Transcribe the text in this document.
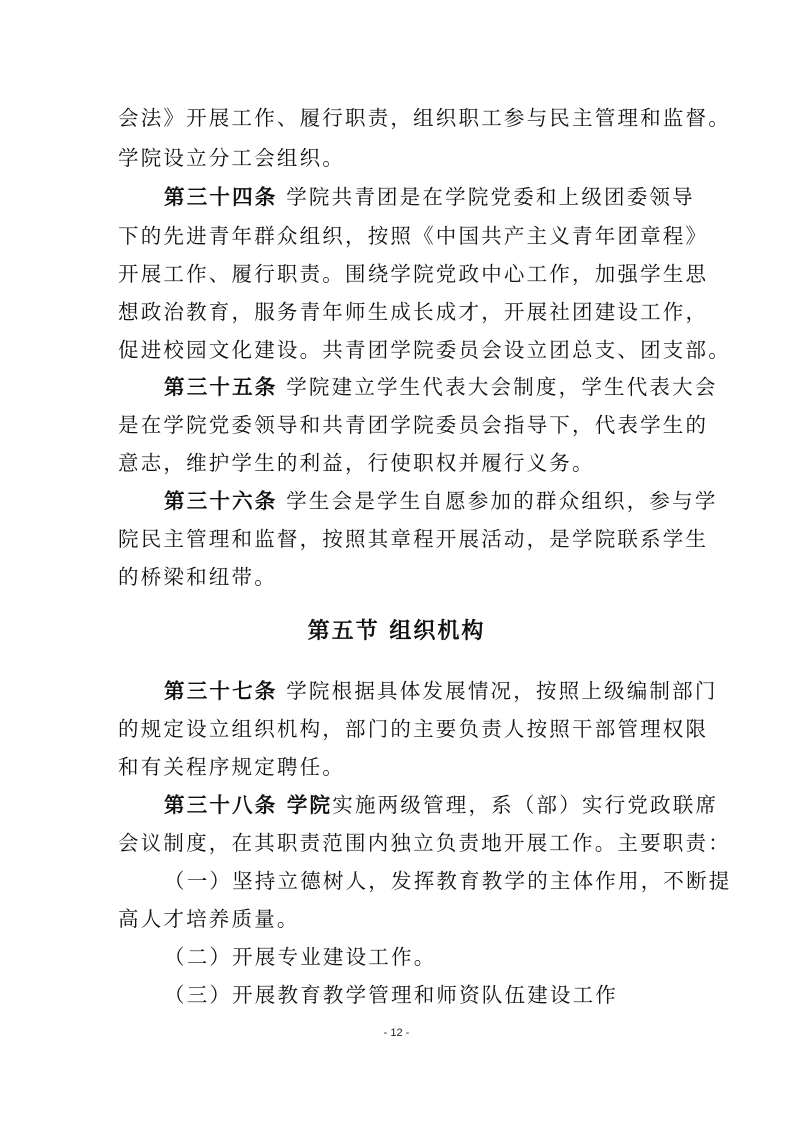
会法》开展工作、履行职责，组织职工参与民主管理和监督。
学院设立分工会组织。
第三十四条 学院共青团是在学院党委和上级团委领导
下的先进青年群众组织，按照《中国共产主义青年团章程》
开展工作、履行职责。围绕学院党政中心工作，加强学生思
想政治教育，服务青年师生成长成才，开展社团建设工作，
促进校园文化建设。共青团学院委员会设立团总支、团支部。
第三十五条 学院建立学生代表大会制度，学生代表大会
是在学院党委领导和共青团学院委员会指导下，代表学生的
意志，维护学生的利益，行使职权并履行义务。
第三十六条 学生会是学生自愿参加的群众组织，参与学
院民主管理和监督，按照其章程开展活动，是学院联系学生
的桥梁和纽带。
第五节 组织机构
第三十七条 学院根据具体发展情况，按照上级编制部门
的规定设立组织机构，部门的主要负责人按照干部管理权限
和有关程序规定聘任。
第三十八条 学院实施两级管理，系（部）实行党政联席
会议制度，在其职责范围内独立负责地开展工作。主要职责：
（一）坚持立德树人，发挥教育教学的主体作用，不断提
高人才培养质量。
（二）开展专业建设工作。
（三）开展教育教学管理和师资队伍建设工作
- 12 -
